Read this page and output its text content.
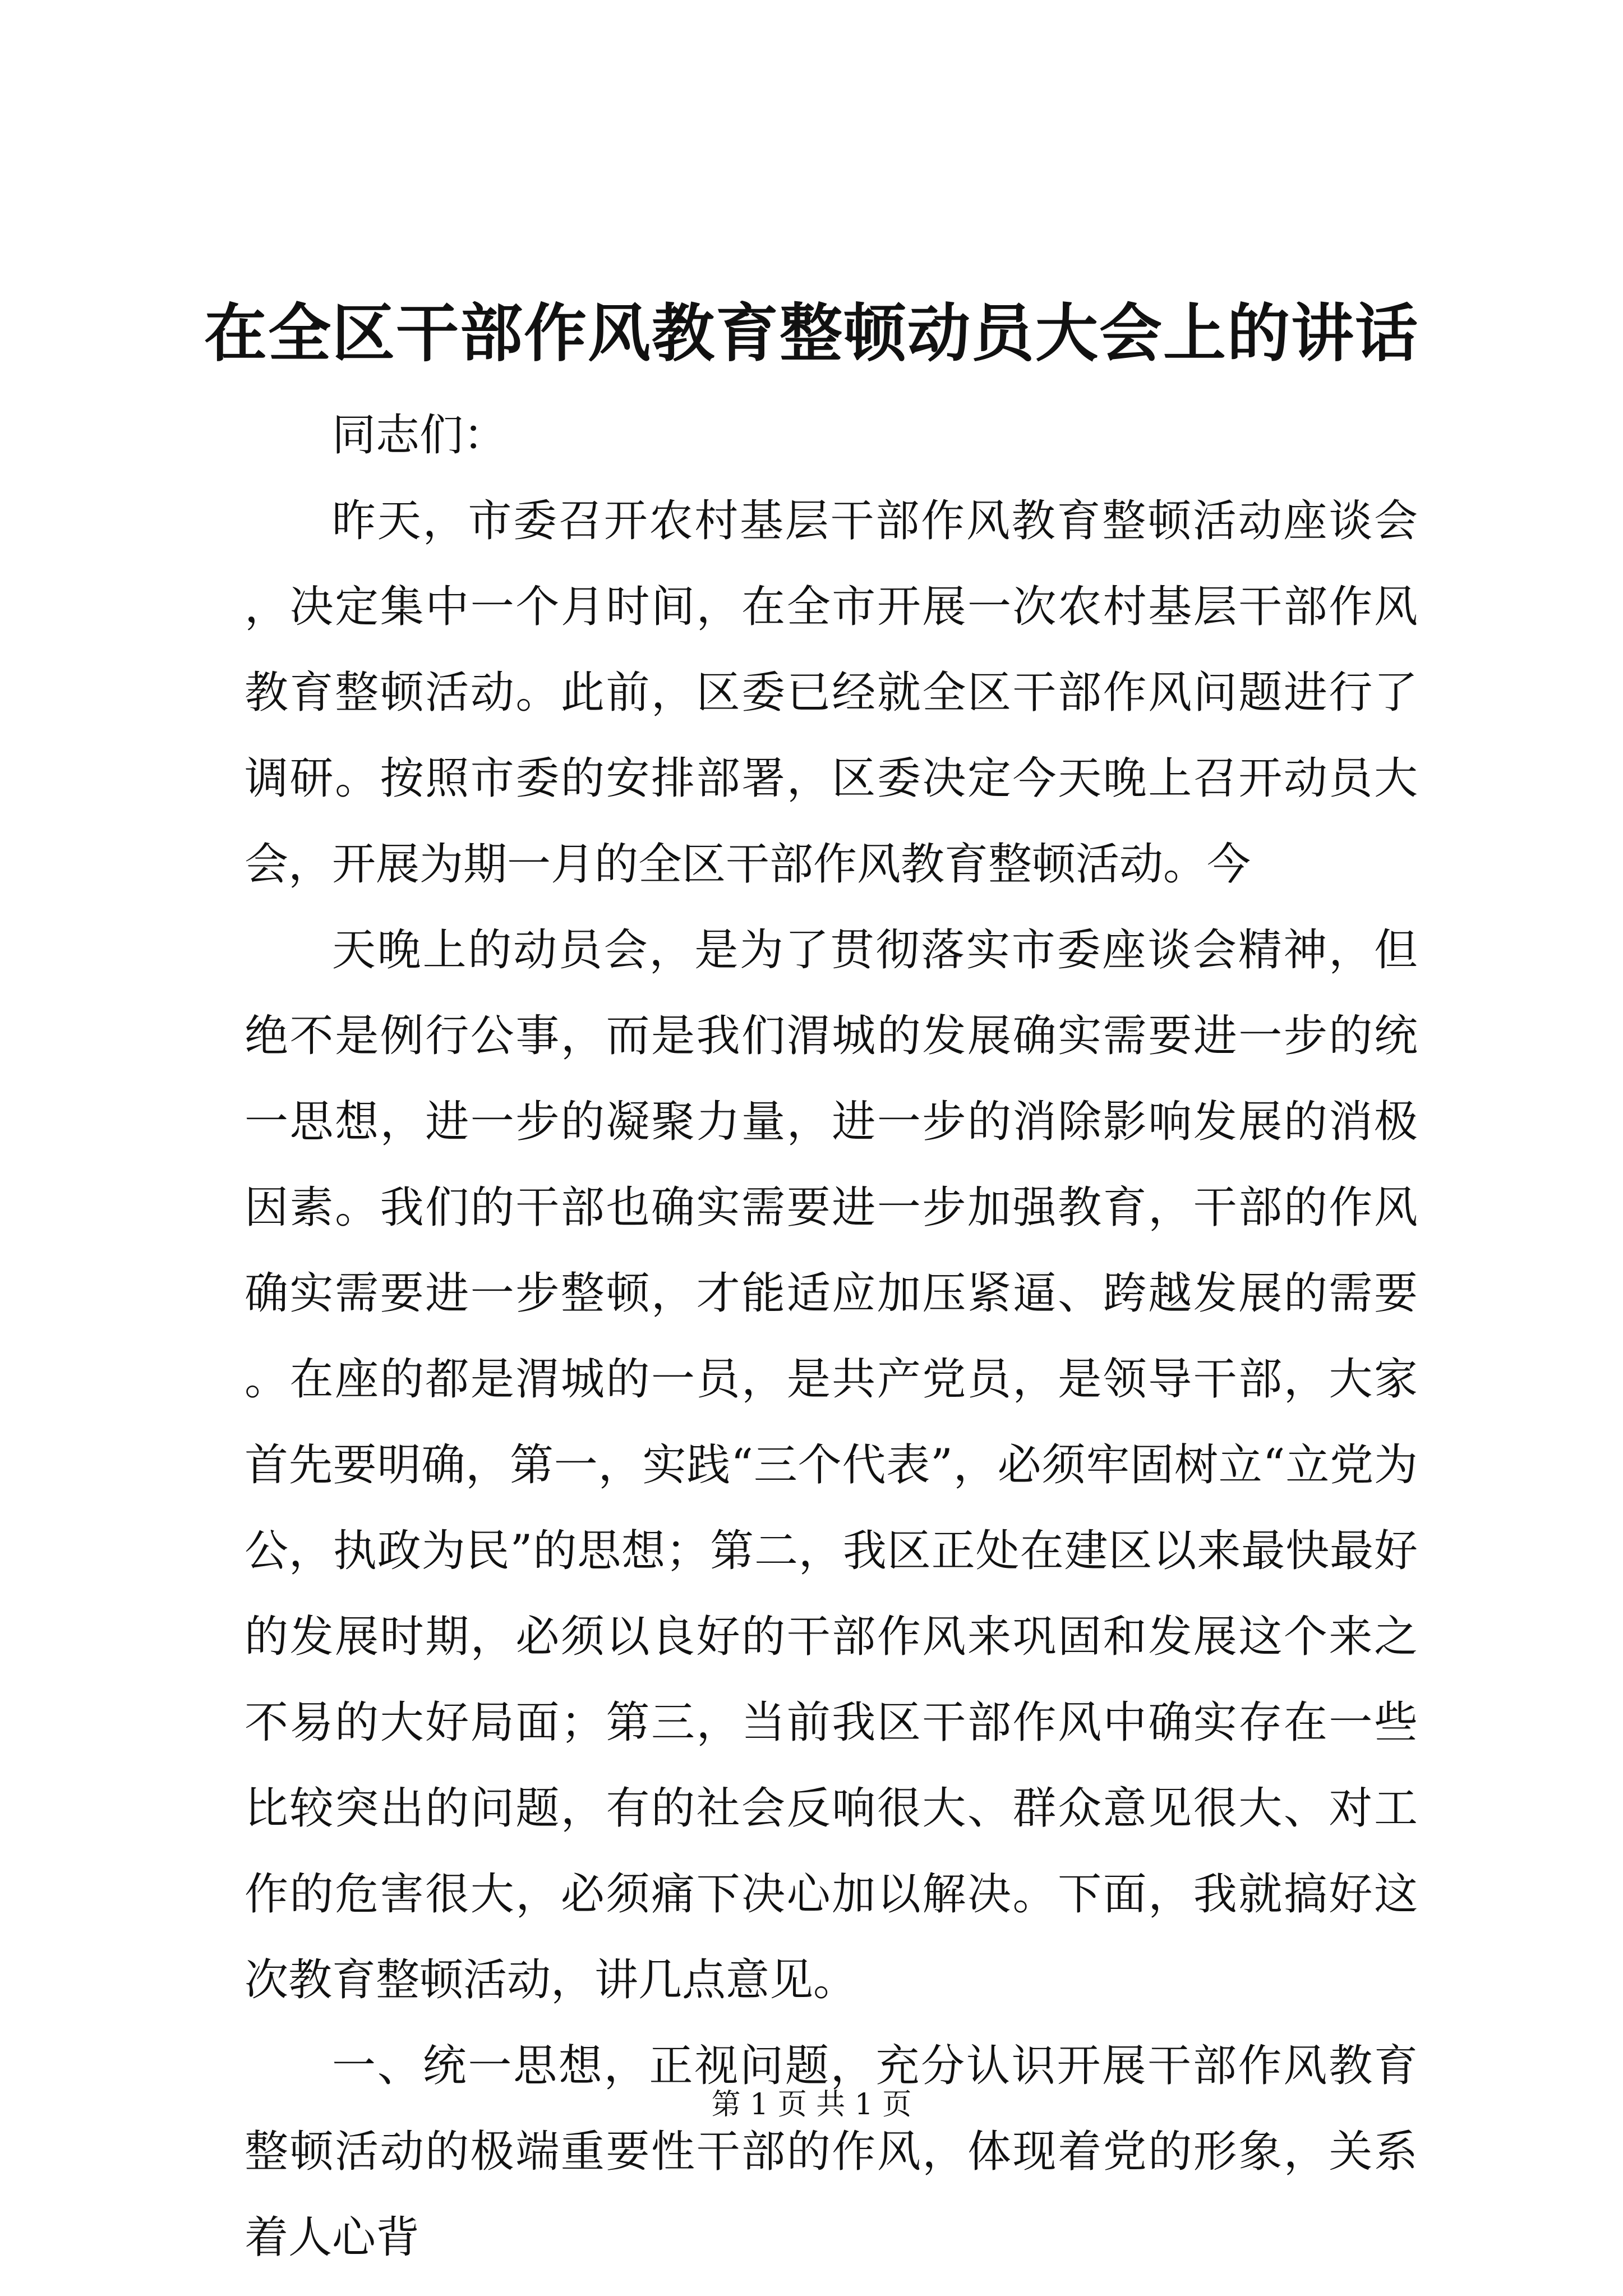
在全区干部作风教育整顿动员大会上的讲话

同志们：

昨天，市委召开农村基层干部作风教育整顿活动座谈会，决定集中一个月时间，在全市开展一次农村基层干部作风教育整顿活动。此前，区委已经就全区干部作风问题进行了调研。按照市委的安排部署，区委决定今天晚上召开动员大会，开展为期一月的全区干部作风教育整顿活动。今

天晚上的动员会，是为了贯彻落实市委座谈会精神，但绝不是例行公事，而是我们渭城的发展确实需要进一步的统一思想，进一步的凝聚力量，进一步的消除影响发展的消极因素。我们的干部也确实需要进一步加强教育，干部的作风确实需要进一步整顿，才能适应加压紧逼、跨越发展的需要。在座的都是渭城的一员，是共产党员，是领导干部，大家首先要明确，第一，实践“三个代表”，必须牢固树立“立党为公，执政为民”的思想；第二，我区正处在建区以来最快最好的发展时期，必须以良好的干部作风来巩固和发展这个来之不易的大好局面；第三，当前我区干部作风中确实存在一些比较突出的问题，有的社会反响很大、群众意见很大、对工作的危害很大，必须痛下决心加以解决。下面，我就搞好这次教育整顿活动，讲几点意见。

一、统一思想，正视问题，充分认识开展干部作风教育整顿活动的极端重要性干部的作风，体现着党的形象，关系着人心背

第 1 页 共 1 页
